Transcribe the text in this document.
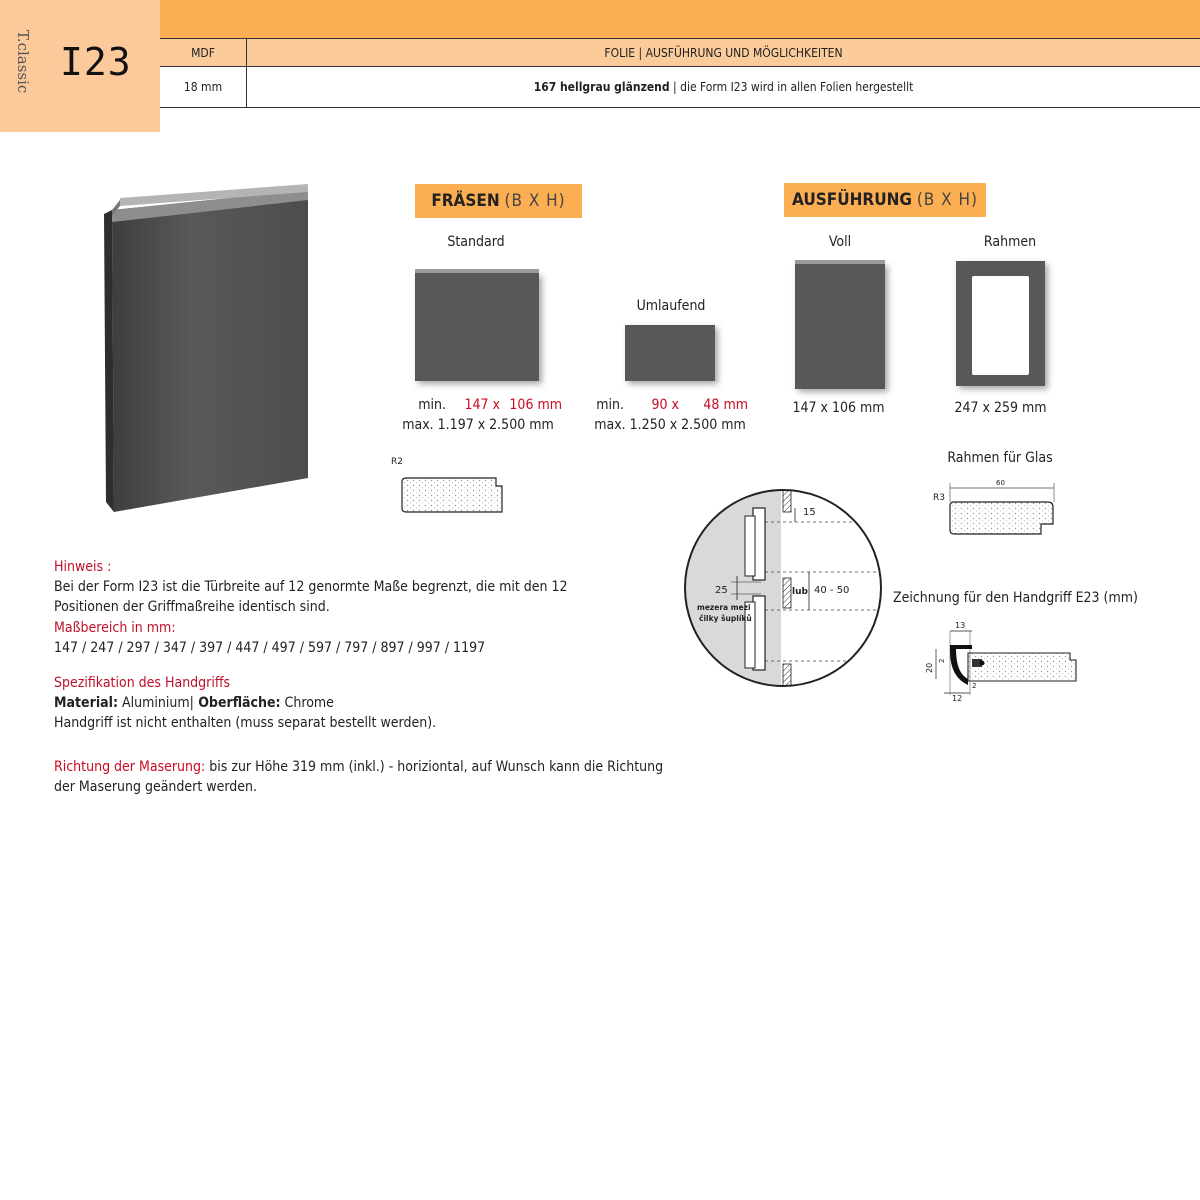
T.classic I23	MDF	FOLIE | AUSFÜHRUNG UND MÖGLICHKEITEN
18 mm	167 hellgrau glänzend | die Form I23 wird in allen Folien hergestellt
FRÄSEN (B X H)
Standard
min. 147 x 106 mm
max. 1.197 x 2.500 mm
Umlaufend
min. 90 x 48 mm
max. 1.250 x 2.500 mm
R2
AUSFÜHRUNG (B X H)
Voll
147 x 106 mm
Rahmen
247 x 259 mm
Rahmen für Glas
R3
60
15
25	lub 40 - 50
mezera mezi
čilky šuplíků
Zeichnung für den Handgriff E23 (mm)
13
20
2
2
12
Hinweis :
Bei der Form I23 ist die Türbreite auf 12 genormte Maße begrenzt, die mit den 12
Positionen der Griffmaßreihe identisch sind.
Maßbereich in mm:
147 / 247 / 297 / 347 / 397 / 447 / 497 / 597 / 797 / 897 / 997 / 1197
Spezifikation des Handgriffs
Material: Aluminium| Oberfläche: Chrome
Handgriff ist nicht enthalten (muss separat bestellt werden).
Richtung der Maserung: bis zur Höhe 319 mm (inkl.) - horiziontal, auf Wunsch kann die Richtung
der Maserung geändert werden.
